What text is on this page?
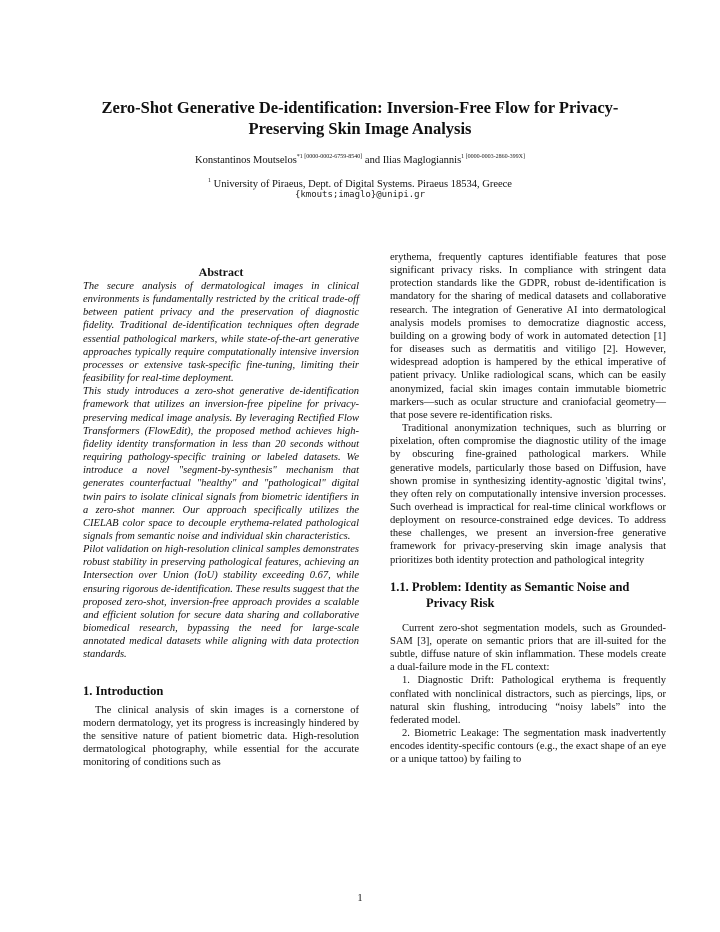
Zero-Shot Generative De-identification: Inversion-Free Flow for Privacy-
Preserving Skin Image Analysis
Konstantinos Moutselos$^{*1 [0000-0002-6759-8540]}$ and Ilias Maglogiannis$^{1 [0000-0003-2860-399X]}$
$^1$ University of Piraeus, Dept. of Digital Systems. Piraeus 18534, Greece
{kmouts;imaglo}@unipi.gr
Abstract

The secure analysis of dermatological images in clinical environments is fundamentally restricted by the critical trade-off between patient privacy and the preservation of diagnostic fidelity. Traditional de-identification techniques often degrade essential pathological markers, while state-of-the-art generative approaches typically require computationally intensive inversion processes or extensive task-specific fine-tuning, limiting their feasibility for real-time deployment.

This study introduces a zero-shot generative de-identification framework that utilizes an inversion-free pipeline for privacy-preserving medical image analysis. By leveraging Rectified Flow Transformers (FlowEdit), the proposed method achieves high-fidelity identity transformation in less than 20 seconds without requiring pathology-specific training or labeled datasets. We introduce a novel "segment-by-synthesis" mechanism that generates counterfactual "healthy" and "pathological" digital twin pairs to isolate clinical signals from biometric identifiers in a zero-shot manner. Our approach specifically utilizes the CIELAB color space to decouple erythema-related pathological signals from semantic noise and individual skin characteristics.

Pilot validation on high-resolution clinical samples demonstrates robust stability in preserving pathological features, achieving an Intersection over Union (IoU) stability exceeding 0.67, while ensuring rigorous de-identification. These results suggest that the proposed zero-shot, inversion-free approach provides a scalable and efficient solution for secure data sharing and collaborative biomedical research, bypassing the need for large-scale annotated medical datasets while aligning with data protection standards.

1. Introduction

The clinical analysis of skin images is a cornerstone of modern dermatology, yet its progress is increasingly hindered by the sensitive nature of patient biometric data. High-resolution dermatological photography, while essential for the accurate monitoring of conditions such as

erythema, frequently captures identifiable features that pose significant privacy risks. In compliance with stringent data protection standards like the GDPR, robust de-identification is mandatory for the sharing of medical datasets and collaborative research. The integration of Generative AI into dermatological analysis models promises to democratize diagnostic access, building on a growing body of work in automated detection [1] for diseases such as dermatitis and vitiligo [2]. However, widespread adoption is hampered by the ethical imperative of patient privacy. Unlike radiological scans, which can be easily anonymized, facial skin images contain immutable biometric markers—such as ocular structure and craniofacial geometry—that pose severe re-identification risks.

Traditional anonymization techniques, such as blurring or pixelation, often compromise the diagnostic utility of the image by obscuring fine-grained pathological markers. While generative models, particularly those based on Diffusion, have shown promise in synthesizing identity-agnostic 'digital twins', they often rely on computationally intensive inversion processes. Such overhead is impractical for real-time clinical workflows or deployment on resource-constrained edge devices. To address these challenges, we present an inversion-free generative framework for privacy-preserving skin image analysis that prioritizes both identity protection and pathological integrity

1.1. Problem: Identity as Semantic Noise and
Privacy Risk

Current zero-shot segmentation models, such as Grounded-SAM [3], operate on semantic priors that are ill-suited for the subtle, diffuse nature of skin inflammation. These models create a dual-failure mode in the FL context:

1. Diagnostic Drift: Pathological erythema is frequently conflated with nonclinical distractors, such as piercings, lips, or natural skin flushing, introducing “noisy labels” into the federated model.

2. Biometric Leakage: The segmentation mask inadvertently encodes identity-specific contours (e.g., the exact shape of an eye or a unique tattoo) by failing to

1
